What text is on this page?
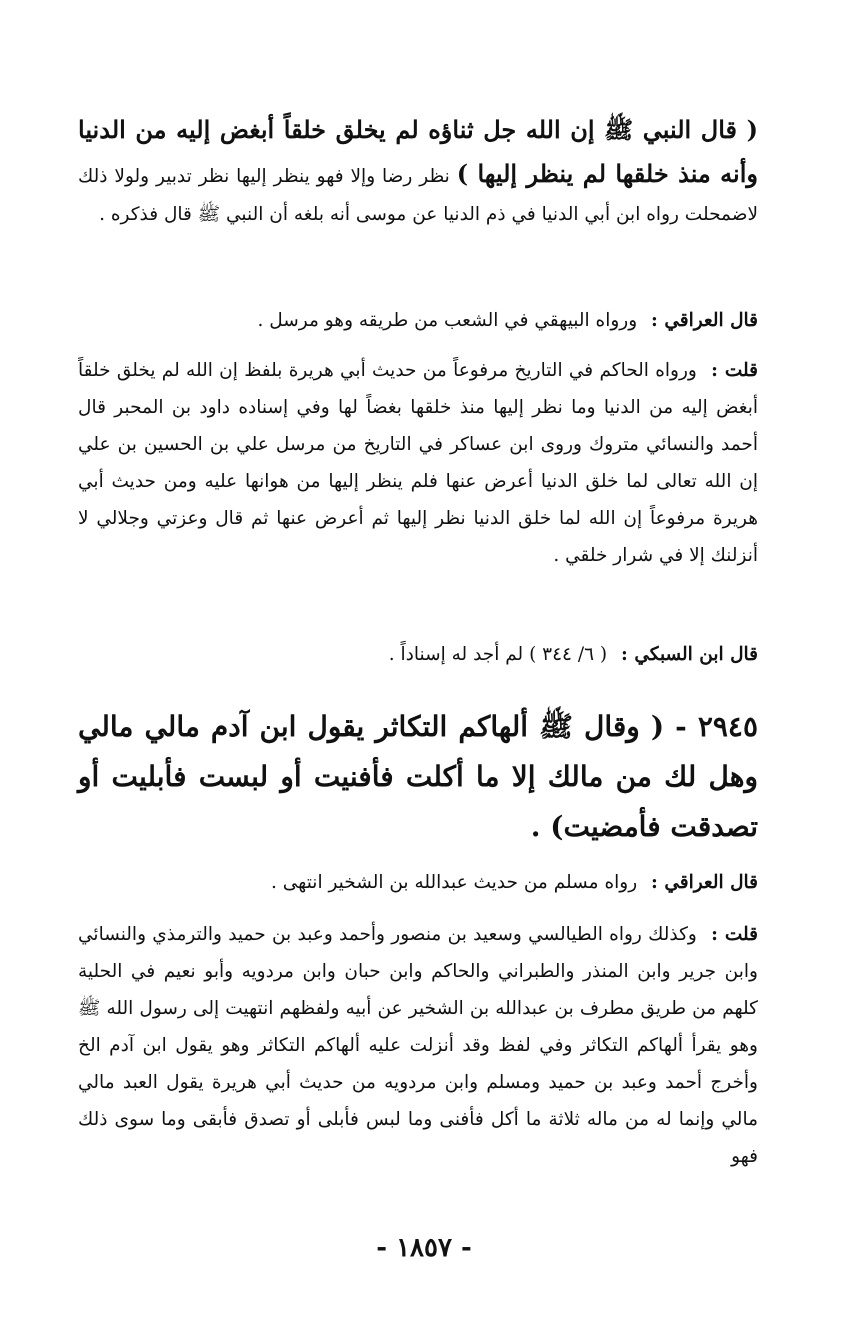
( قال النبي ﷺ إن الله جل ثناؤه لم يخلق خلقاً أبغض إليه من الدنيا وأنه منذ خلقها لم ينظر إليها ) نظر رضا وإلا فهو ينظر إليها نظر تدبير ولولا ذلك لاضمحلت رواه ابن أبي الدنيا في ذم الدنيا عن موسى أنه بلغه أن النبي ﷺ قال فذكره .
قال العراقي : ورواه البيهقي في الشعب من طريقه وهو مرسل .
قلت : ورواه الحاكم في التاريخ مرفوعاً من حديث أبي هريرة بلفظ إن الله لم يخلق خلقاً أبغض إليه من الدنيا وما نظر إليها منذ خلقها بغضاً لها وفي إسناده داود بن المحبر قال أحمد والنسائي متروك وروى ابن عساكر في التاريخ من مرسل علي بن الحسين بن علي إن الله تعالى لما خلق الدنيا أعرض عنها فلم ينظر إليها من هوانها عليه ومن حديث أبي هريرة مرفوعاً إن الله لما خلق الدنيا نظر إليها ثم أعرض عنها ثم قال وعزتي وجلالي لا أنزلنك إلا في شرار خلقي .
قال ابن السبكي : ( ٦/ ٣٤٤ ) لم أجد له إسناداً .
٢٩٤٥ - ( وقال ﷺ ألهاكم التكاثر يقول ابن آدم مالي مالي وهل لك من مالك إلا ما أكلت فأفنيت أو لبست فأبليت أو تصدقت فأمضيت) .
قال العراقي : رواه مسلم من حديث عبدالله بن الشخير انتهى .
قلت : وكذلك رواه الطيالسي وسعيد بن منصور وأحمد وعبد بن حميد والترمذي والنسائي وابن جرير وابن المنذر والطبراني والحاكم وابن حبان وابن مردويه وأبو نعيم في الحلية كلهم من طريق مطرف بن عبدالله بن الشخير عن أبيه ولفظهم انتهيت إلى رسول الله ﷺ وهو يقرأ ألهاكم التكاثر وفي لفظ وقد أنزلت عليه ألهاكم التكاثر وهو يقول ابن آدم الخ وأخرج أحمد وعبد بن حميد ومسلم وابن مردويه من حديث أبي هريرة يقول العبد مالي مالي وإنما له من ماله ثلاثة ما أكل فأفنى وما لبس فأبلى أو تصدق فأبقى وما سوى ذلك فهو
- ١٨٥٧ -
